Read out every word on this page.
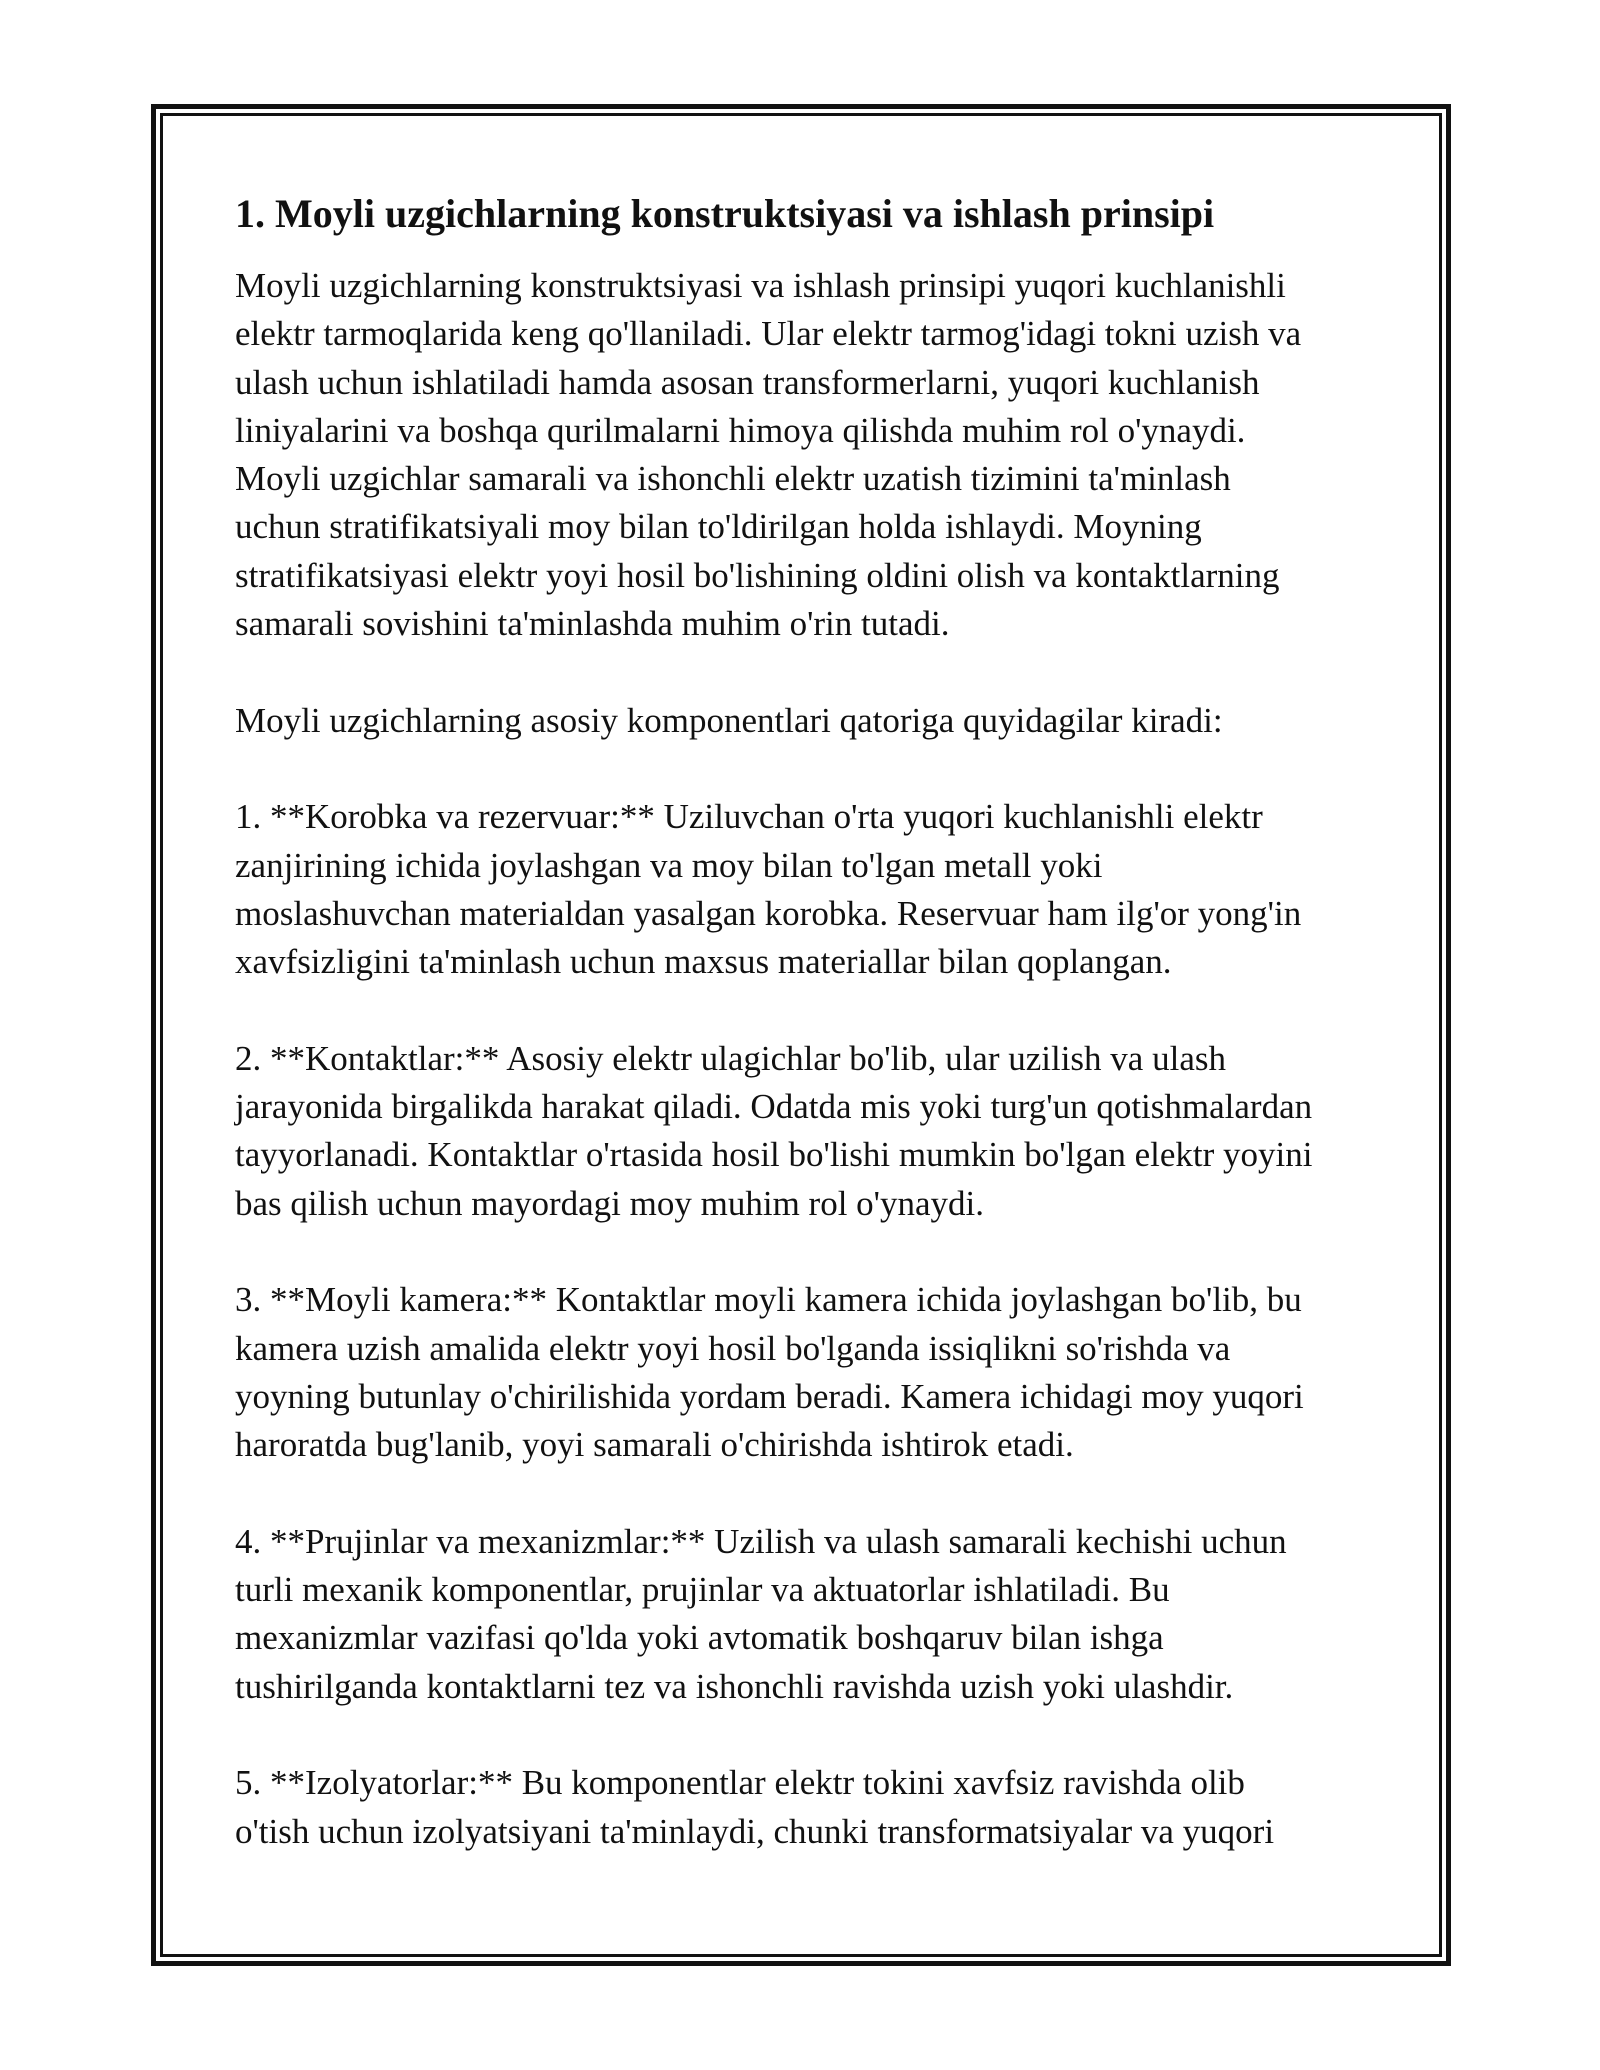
1. Moyli uzgichlarning konstruktsiyasi va ishlash prinsipi

Moyli uzgichlarning konstruktsiyasi va ishlash prinsipi yuqori kuchlanishli
elektr tarmoqlarida keng qo'llaniladi. Ular elektr tarmog'idagi tokni uzish va
ulash uchun ishlatiladi hamda asosan transformerlarni, yuqori kuchlanish
liniyalarini va boshqa qurilmalarni himoya qilishda muhim rol o'ynaydi.
Moyli uzgichlar samarali va ishonchli elektr uzatish tizimini ta'minlash
uchun stratifikatsiyali moy bilan to'ldirilgan holda ishlaydi. Moyning
stratifikatsiyasi elektr yoyi hosil bo'lishining oldini olish va kontaktlarning
samarali sovishini ta'minlashda muhim o'rin tutadi.

Moyli uzgichlarning asosiy komponentlari qatoriga quyidagilar kiradi:

1. **Korobka va rezervuar:** Uziluvchan o'rta yuqori kuchlanishli elektr
zanjirining ichida joylashgan va moy bilan to'lgan metall yoki
moslashuvchan materialdan yasalgan korobka. Reservuar ham ilg'or yong'in
xavfsizligini ta'minlash uchun maxsus materiallar bilan qoplangan.

2. **Kontaktlar:** Asosiy elektr ulagichlar bo'lib, ular uzilish va ulash
jarayonida birgalikda harakat qiladi. Odatda mis yoki turg'un qotishmalardan
tayyorlanadi. Kontaktlar o'rtasida hosil bo'lishi mumkin bo'lgan elektr yoyini
bas qilish uchun mayordagi moy muhim rol o'ynaydi.

3. **Moyli kamera:** Kontaktlar moyli kamera ichida joylashgan bo'lib, bu
kamera uzish amalida elektr yoyi hosil bo'lganda issiqlikni so'rishda va
yoyning butunlay o'chirilishida yordam beradi. Kamera ichidagi moy yuqori
haroratda bug'lanib, yoyi samarali o'chirishda ishtirok etadi.

4. **Prujinlar va mexanizmlar:** Uzilish va ulash samarali kechishi uchun
turli mexanik komponentlar, prujinlar va aktuatorlar ishlatiladi. Bu
mexanizmlar vazifasi qo'lda yoki avtomatik boshqaruv bilan ishga
tushirilganda kontaktlarni tez va ishonchli ravishda uzish yoki ulashdir.

5. **Izolyatorlar:** Bu komponentlar elektr tokini xavfsiz ravishda olib
o'tish uchun izolyatsiyani ta'minlaydi, chunki transformatsiyalar va yuqori
